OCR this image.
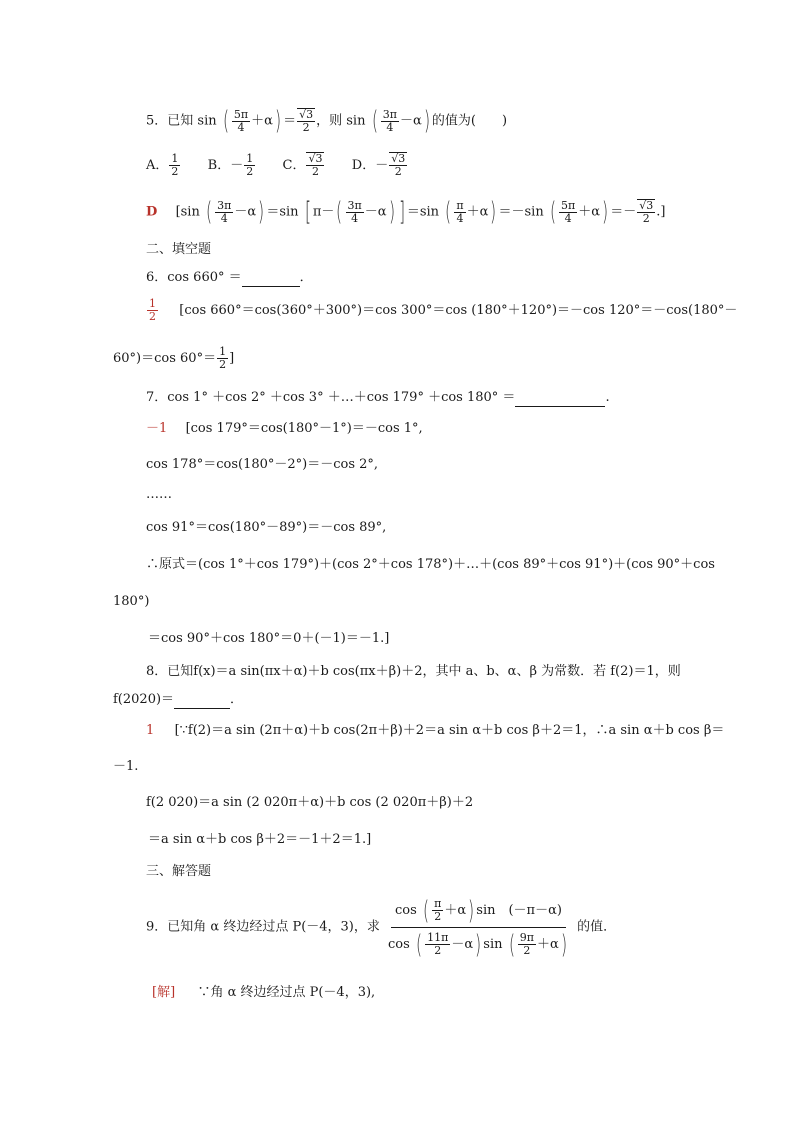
5．已知 sin ( $\frac{5\pi}{4} +\alpha) = \frac{√3}{2}$ ，则 sin ( $\frac{3\pi}{4} -\alpha$) 的值为(　　)
A． $\frac{1}{2}$ B．－ $\frac{1}{2}$ C． $\frac{√3}{2}$ D．－ $\frac{√3}{2}$
D [sin ( $\frac{3\pi}{4} -\alpha) =\sin$ [ $\pi-( \frac{3\pi}{4} -\alpha)$ ] ＝sin ( $\frac{\pi}{4} +\alpha) =-\sin$ ( $\frac{5\pi}{4} +\alpha) =- \frac{√3}{2}$ .]
二、填空题
6．cos 660° ＝	．
$\frac{1}{2} [\cos$ 660°＝cos(360°＋300°)＝cos 300°＝cos (180°＋120°)＝－cos 120°＝－cos(180°－
60°)＝cos $60^\circ= \frac{1}{2}$ ]
7．cos 1° ＋cos 2° ＋cos 3° ＋…＋cos 179° ＋cos 180° ＝	.
－1 [cos 179°＝cos(180°－1°)＝－cos 1°,
cos 178°＝cos(180°－2°)＝－cos 2°,
……
cos 91°＝cos(180°－89°)＝－cos 89°,
∴原式＝(cos 1°＋cos 179°)＋(cos 2°＋cos 178°)＋…＋(cos 89°＋cos 91°)＋(cos 90°＋cos
180°)
＝cos 90°＋cos 180°＝0＋(－1)＝－1.]
8．已知f(x)＝a sin(πx＋α)＋b cos(πx＋β)＋2，其中 a、b、α、β 为常数．若 f(2)＝1，则
f(2020)＝	．
1 [∵f(2)＝a sin (2π＋α)＋b cos(2π＋β)＋2＝a sin α＋b cos β＋2＝1，∴a sin α＋b cos β＝
－1.
f(2 020)＝a sin (2 020π＋α)＋b cos (2 020π＋β)＋2
＝a sin α＋b cos β＋2＝－1＋2＝1.]
三、解答题
9．已知角 α 终边经过点 P(－4，3)，求 $\frac{\cos ( \frac{\pi}{2} +\alpha) \sin (-\pi-\alpha)}{\cos ( \frac{11\pi}{2} -\alpha) \sin ( \frac{9\pi}{2} +\alpha)}$ 的值．
[解] ∵角 α 终边经过点 P(－4，3),
